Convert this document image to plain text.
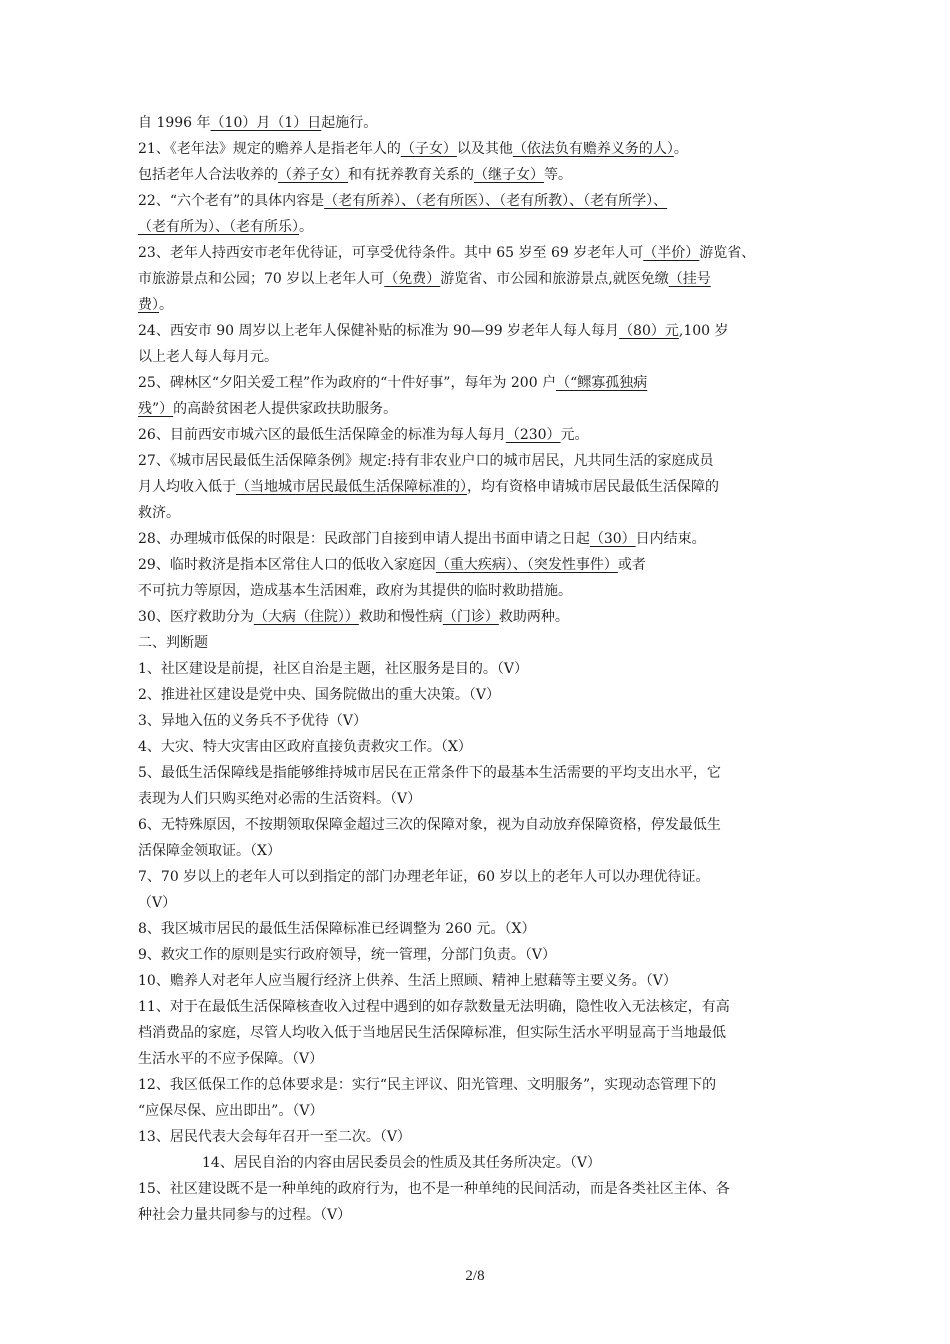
自 1996 年（10）月（1）日起施行。
21、《老年法》规定的赡养人是指老年人的（子女）以及其他（依法负有赡养义务的人）。
包括老年人合法收养的（养子女）和有抚养教育关系的（继子女）等。
22、“六个老有”的具体内容是（老有所养）、（老有所医）、（老有所教）、（老有所学）、
（老有所为）、（老有所乐）。
23、老年人持西安市老年优待证，可享受优待条件。其中 65 岁至 69 岁老年人可（半价）游览省、
市旅游景点和公园；70 岁以上老年人可（免费）游览省、市公园和旅游景点,就医免缴（挂号
费）。
24、西安市 90 周岁以上老年人保健补贴的标准为 90—99 岁老年人每人每月（80）元,100 岁
以上老人每人每月元。
25、碑林区“夕阳关爱工程”作为政府的“十件好事”，每年为 200 户（“鳏寡孤独病
残”）的高龄贫困老人提供家政扶助服务。
26、目前西安市城六区的最低生活保障金的标准为每人每月（230）元。
27、《城市居民最低生活保障条例》规定:持有非农业户口的城市居民，凡共同生活的家庭成员
月人均收入低于（当地城市居民最低生活保障标准的），均有资格申请城市居民最低生活保障的
救济。
28、办理城市低保的时限是：民政部门自接到申请人提出书面申请之日起（30）日内结束。
29、临时救济是指本区常住人口的低收入家庭因（重大疾病）、（突发性事件）或者
不可抗力等原因，造成基本生活困难，政府为其提供的临时救助措施。
30、医疗救助分为（大病（住院））救助和慢性病（门诊）救助两种。
二、判断题
1、社区建设是前提，社区自治是主题，社区服务是目的。（V）
2、推进社区建设是党中央、国务院做出的重大决策。（V）
3、异地入伍的义务兵不予优待（V）
4、大灾、特大灾害由区政府直接负责救灾工作。（X）
5、最低生活保障线是指能够维持城市居民在正常条件下的最基本生活需要的平均支出水平，它
表现为人们只购买绝对必需的生活资料。（V）
6、无特殊原因，不按期领取保障金超过三次的保障对象，视为自动放弃保障资格，停发最低生
活保障金领取证。（X）
7、70 岁以上的老年人可以到指定的部门办理老年证，60 岁以上的老年人可以办理优待证。
（V）
8、我区城市居民的最低生活保障标准已经调整为 260 元。（X）
9、救灾工作的原则是实行政府领导，统一管理，分部门负责。（V）
10、赡养人对老年人应当履行经济上供养、生活上照顾、精神上慰藉等主要义务。（V）
11、对于在最低生活保障核查收入过程中遇到的如存款数量无法明确，隐性收入无法核定，有高
档消费品的家庭，尽管人均收入低于当地居民生活保障标准，但实际生活水平明显高于当地最低
生活水平的不应予保障。（V）
12、我区低保工作的总体要求是：实行“民主评议、阳光管理、文明服务”，实现动态管理下的
“应保尽保、应出即出”。（V）
13、居民代表大会每年召开一至二次。（V）
14、居民自治的内容由居民委员会的性质及其任务所决定。（V）
15、社区建设既不是一种单纯的政府行为，也不是一种单纯的民间活动，而是各类社区主体、各
种社会力量共同参与的过程。（V）
2/8
